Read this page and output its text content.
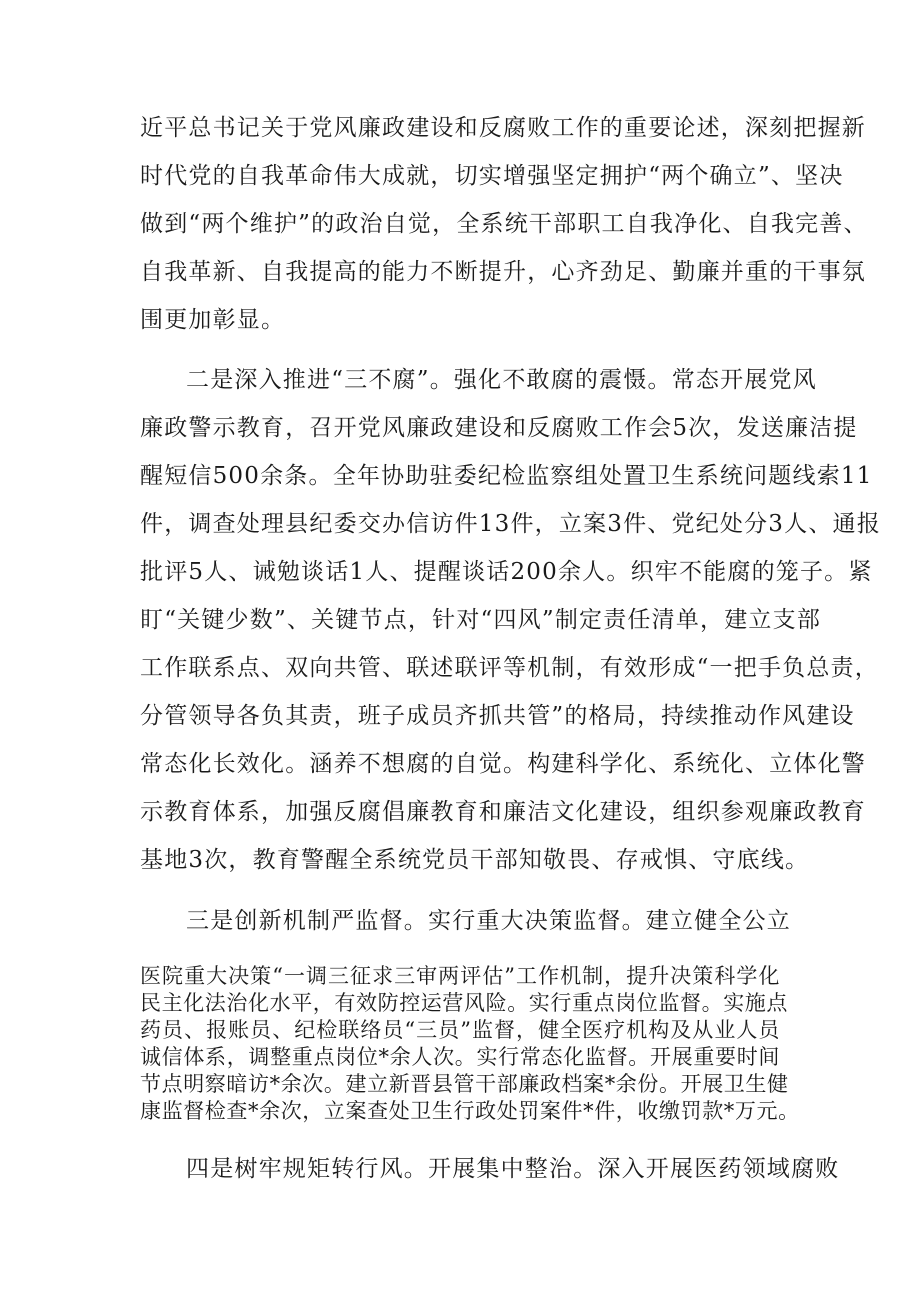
近平总书记关于党风廉政建设和反腐败工作的重要论述，深刻把握新
时代党的自我革命伟大成就，切实增强坚定拥护“两个确立”、坚决
做到“两个维护”的政治自觉，全系统干部职工自我净化、自我完善、
自我革新、自我提高的能力不断提升，心齐劲足、勤廉并重的干事氛
围更加彰显。
二是深入推进“三不腐”。强化不敢腐的震慑。常态开展党风
廉政警示教育，召开党风廉政建设和反腐败工作会5次，发送廉洁提
醒短信500余条。全年协助驻委纪检监察组处置卫生系统问题线索11
件，调查处理县纪委交办信访件13件，立案3件、党纪处分3人、通报
批评5人、诫勉谈话1人、提醒谈话200余人。织牢不能腐的笼子。紧
盯“关键少数”、关键节点，针对“四风”制定责任清单，建立支部
工作联系点、双向共管、联述联评等机制，有效形成“一把手负总责，
分管领导各负其责，班子成员齐抓共管”的格局，持续推动作风建设
常态化长效化。涵养不想腐的自觉。构建科学化、系统化、立体化警
示教育体系，加强反腐倡廉教育和廉洁文化建设，组织参观廉政教育
基地3次，教育警醒全系统党员干部知敬畏、存戒惧、守底线。
三是创新机制严监督。实行重大决策监督。建立健全公立
医院重大决策“一调三征求三审两评估”工作机制，提升决策科学化
民主化法治化水平，有效防控运营风险。实行重点岗位监督。实施点
药员、报账员、纪检联络员“三员”监督，健全医疗机构及从业人员
诚信体系，调整重点岗位*余人次。实行常态化监督。开展重要时间
节点明察暗访*余次。建立新晋县管干部廉政档案*余份。开展卫生健
康监督检查*余次，立案查处卫生行政处罚案件*件，收缴罚款*万元。
四是树牢规矩转行风。开展集中整治。深入开展医药领域腐败
